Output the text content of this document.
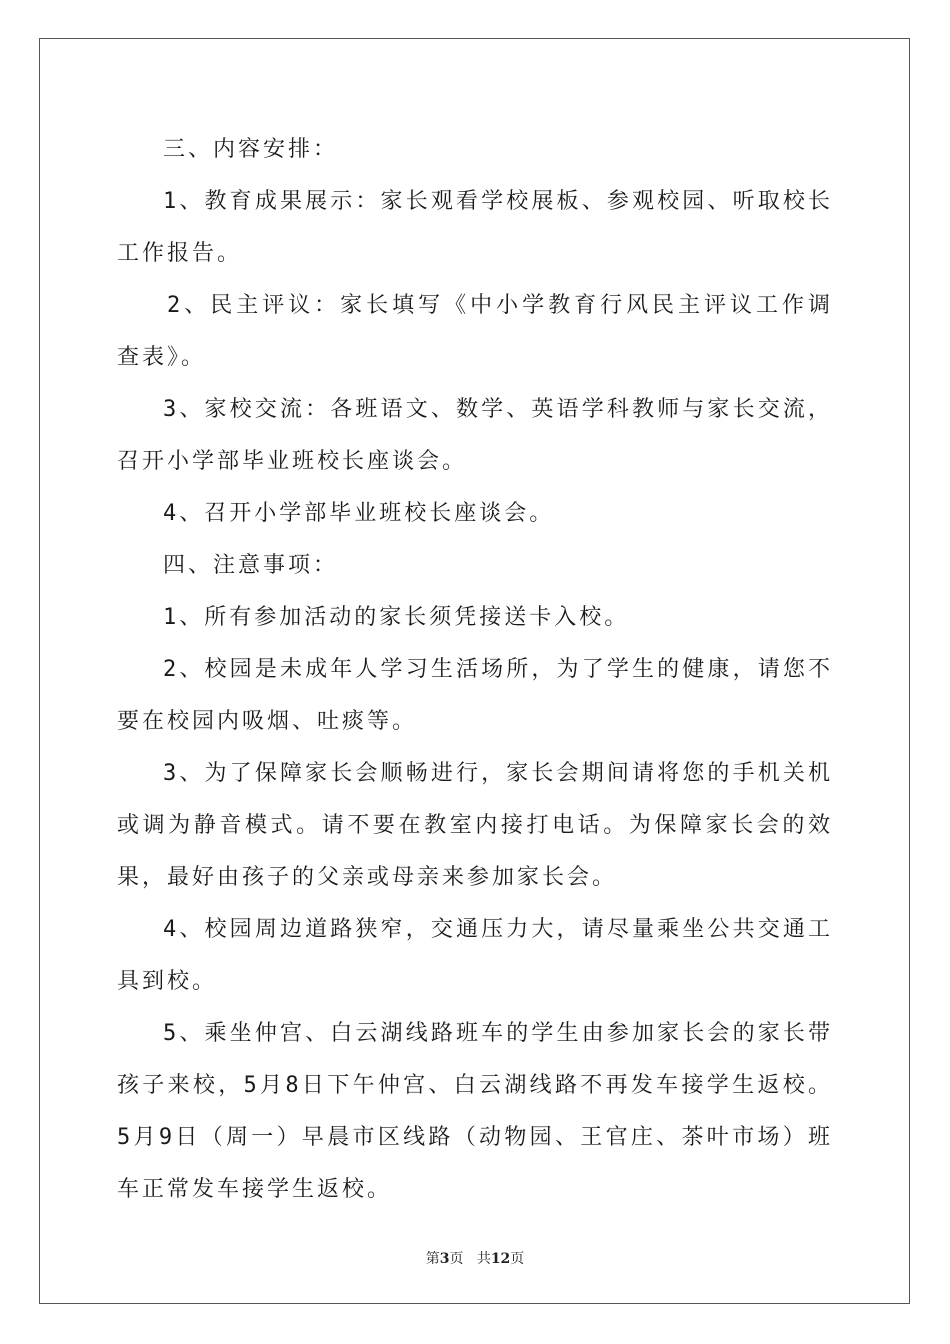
三、内容安排：

1、教育成果展示：家长观看学校展板、参观校园、听取校长工作报告。

2、民主评议：家长填写《中小学教育行风民主评议工作调查表》。

3、家校交流：各班语文、数学、英语学科教师与家长交流，召开小学部毕业班校长座谈会。

4、召开小学部毕业班校长座谈会。

四、注意事项：

1、所有参加活动的家长须凭接送卡入校。

2、校园是未成年人学习生活场所，为了学生的健康，请您不要在校园内吸烟、吐痰等。

3、为了保障家长会顺畅进行，家长会期间请将您的手机关机或调为静音模式。请不要在教室内接打电话。为保障家长会的效果，最好由孩子的父亲或母亲来参加家长会。

4、校园周边道路狭窄，交通压力大，请尽量乘坐公共交通工具到校。

5、乘坐仲宫、白云湖线路班车的学生由参加家长会的家长带孩子来校，5月8日下午仲宫、白云湖线路不再发车接学生返校。5月9日（周一）早晨市区线路（动物园、王官庄、茶叶市场）班车正常发车接学生返校。

第3页 共12页
